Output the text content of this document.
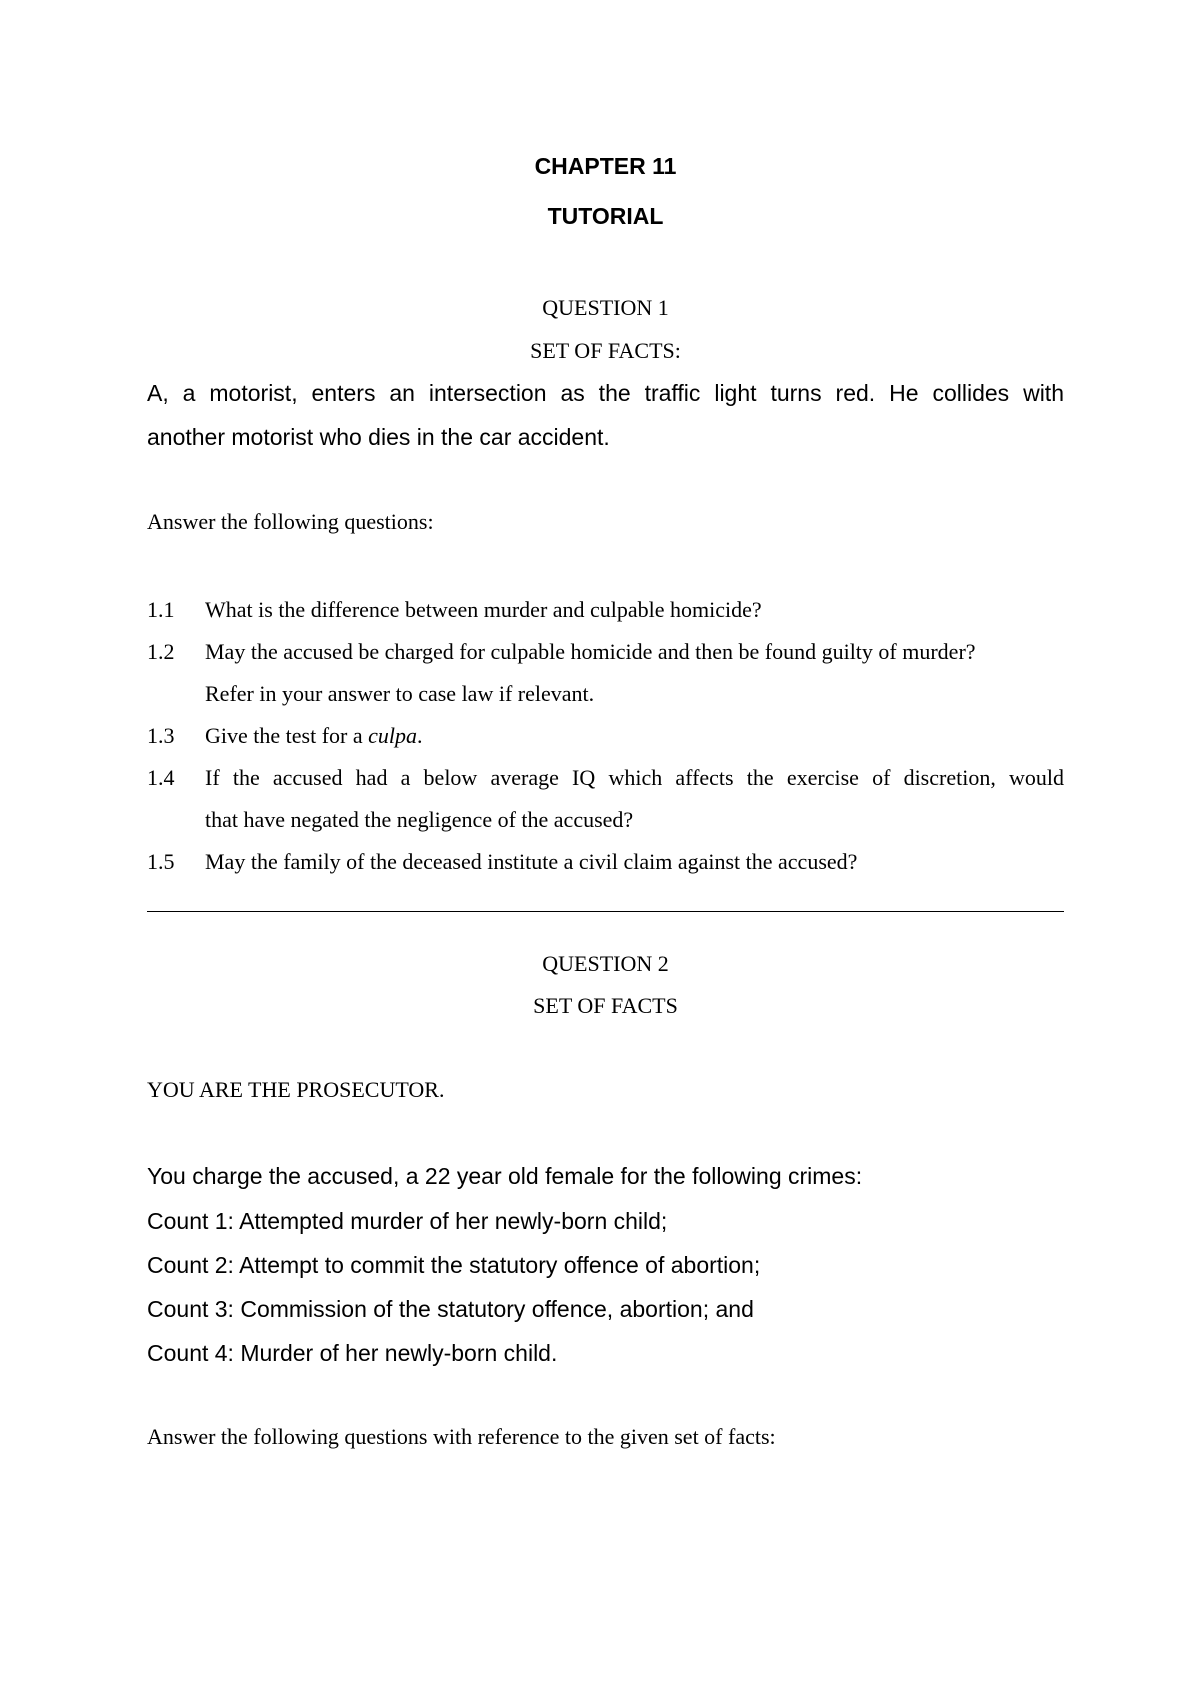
CHAPTER 11
TUTORIAL

QUESTION 1

SET OF FACTS:

A, a motorist, enters an intersection as the traffic light turns red. He collides with
another motorist who dies in the car accident.

Answer the following questions:

1.1	What is the difference between murder and culpable homicide?
1.2	May the accused be charged for culpable homicide and then be found guilty of murder?
Refer in your answer to case law if relevant.
1.3	Give the test for a culpa.
1.4	If the accused had a below average IQ which affects the exercise of discretion, would
that have negated the negligence of the accused?
1.5	May the family of the deceased institute a civil claim against the accused?

QUESTION 2

SET OF FACTS

YOU ARE THE PROSECUTOR.

You charge the accused, a 22 year old female for the following crimes:

Count 1: Attempted murder of her newly-born child;
Count 2: Attempt to commit the statutory offence of abortion;
Count 3: Commission of the statutory offence, abortion; and
Count 4: Murder of her newly-born child.

Answer the following questions with reference to the given set of facts:
